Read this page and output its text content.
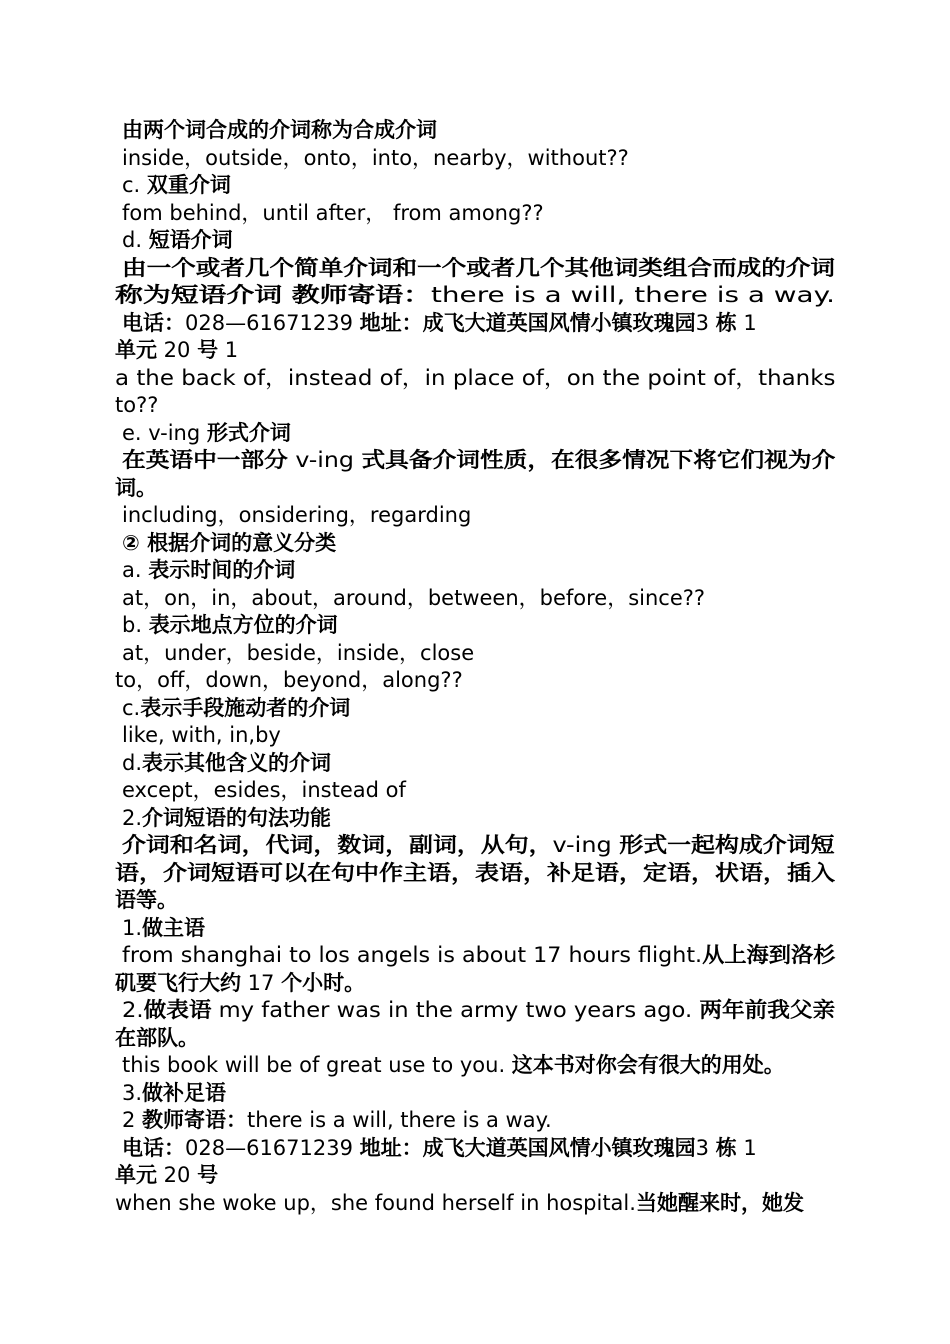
由两个词合成的介词称为合成介词
inside，outside，onto，into，nearby，without??
c. 双重介词
fom behind，until after， from among??
d. 短语介词
由一个或者几个简单介词和一个或者几个其他词类组合而成的介词
称为短语介词 教师寄语：there is a will, there is a way.
电话：028—61671239 地址：成飞大道英国风情小镇玫瑰园3 栋 1
单元 20 号 1
a the back of，instead of，in place of，on the point of，thanks
to??
e. v-ing 形式介词
在英语中一部分 v-ing 式具备介词性质，在很多情况下将它们视为介
词。
including，onsidering，regarding
② 根据介词的意义分类
a. 表示时间的介词
at，on，in，about，around，between，before，since??
b. 表示地点方位的介词
at，under，beside，inside，close
to，off，down，beyond，along??
c.表示手段施动者的介词
like, with, in,by
d.表示其他含义的介词
except，esides，instead of
2.介词短语的句法功能
介词和名词，代词，数词，副词，从句，v-ing 形式一起构成介词短
语，介词短语可以在句中作主语，表语，补足语，定语，状语，插入
语等。
1.做主语
from shanghai to los angels is about 17 hours flight.从上海到洛杉
矶要飞行大约 17 个小时。
2.做表语 my father was in the army two years ago. 两年前我父亲
在部队。
this book will be of great use to you. 这本书对你会有很大的用处。
3.做补足语
2 教师寄语：there is a will, there is a way.
电话：028—61671239 地址：成飞大道英国风情小镇玫瑰园3 栋 1
单元 20 号
when she woke up，she found herself in hospital.当她醒来时，她发
